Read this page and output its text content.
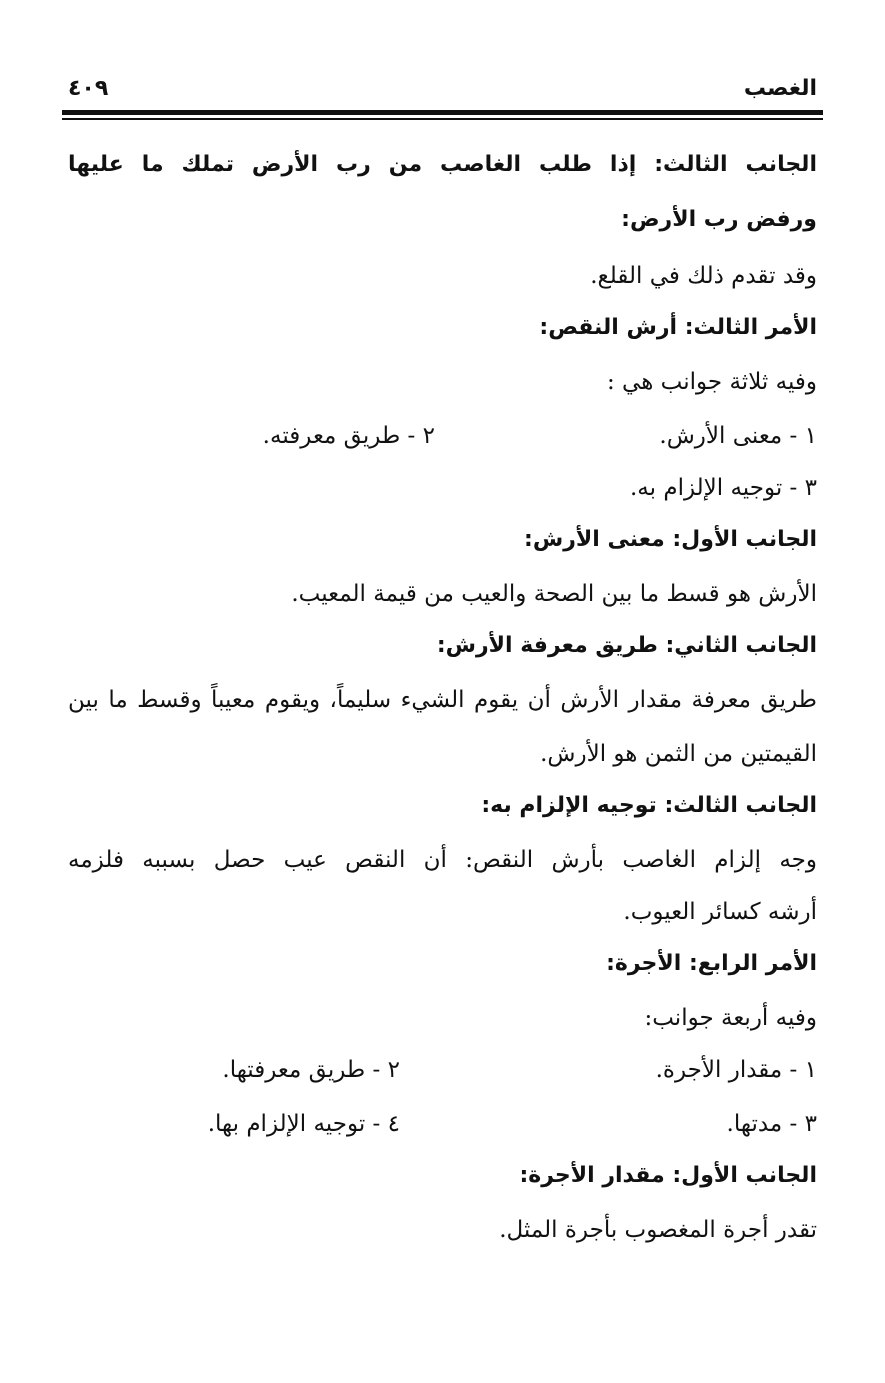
الغصب
٤٠٩
الجانب الثالث: إذا طلب الغاصب من رب الأرض تملك ما عليها
ورفض رب الأرض:
وقد تقدم ذلك في القلع.
الأمر الثالث: أرش النقص:
وفيه ثلاثة جوانب هي :
١ - معنى الأرش.
٢ - طريق معرفته.
٣ - توجيه الإلزام به.
الجانب الأول: معنى الأرش:
الأرش هو قسط ما بين الصحة والعيب من قيمة المعيب.
الجانب الثاني: طريق معرفة الأرش:
طريق معرفة مقدار الأرش أن يقوم الشيء سليماً، ويقوم معيباً وقسط ما بين
القيمتين من الثمن هو الأرش.
الجانب الثالث: توجيه الإلزام به:
وجه إلزام الغاصب بأرش النقص: أن النقص عيب حصل بسببه فلزمه
أرشه كسائر العيوب.
الأمر الرابع: الأجرة:
وفيه أربعة جوانب:
١ - مقدار الأجرة.
٢ - طريق معرفتها.
٣ - مدتها.
٤ - توجيه الإلزام بها.
الجانب الأول: مقدار الأجرة:
تقدر أجرة المغصوب بأجرة المثل.
